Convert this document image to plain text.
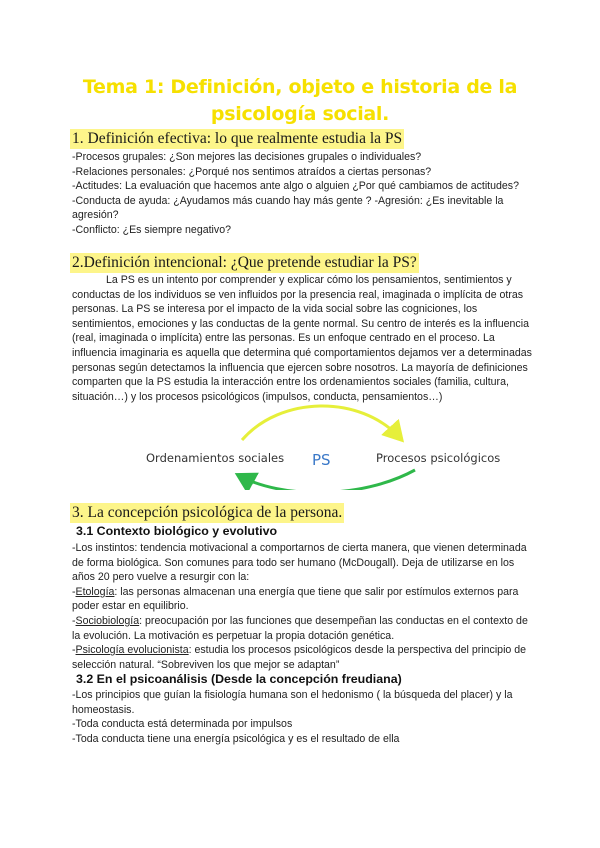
Tema 1: Definición, objeto e historia de la
psicología social.
1. Definición efectiva: lo que realmente estudia la PS

-Procesos grupales: ¿Son mejores las decisiones grupales o individuales?

-Relaciones personales: ¿Porqué nos sentimos atraídos a ciertas personas?

-Actitudes: La evaluación que hacemos ante algo o alguien ¿Por qué cambiamos de actitudes?

-Conducta de ayuda: ¿Ayudamos más cuando hay más gente ? -Agresión: ¿Es inevitable la agresión?

-Conflicto: ¿Es siempre negativo?

2.Definición intencional: ¿Que pretende estudiar la PS?

La PS es un intento por comprender y explicar cómo los pensamientos, sentimientos y conductas de los individuos se ven influidos por la presencia real, imaginada o implícita de otras personas. La PS se interesa por el impacto de la vida social sobre las cogniciones, los sentimientos, emociones y las conductas de la gente normal. Su centro de interés es la influencia (real, imaginada o implícita) entre las personas. Es un enfoque centrado en el proceso. La influencia imaginaria es aquella que determina qué comportamientos dejamos ver a determinadas personas según detectamos la influencia que ejercen sobre nosotros. La mayoría de definiciones comparten que la PS estudia la interacción entre los ordenamientos sociales (familia, cultura, situación…) y los procesos psicológicos (impulsos, conducta, pensamientos…)

Ordenamientos sociales PS	Procesos psicológicos
3. La concepción psicológica de la persona.
3.1 Contexto biológico y evolutivo

-Los instintos: tendencia motivacional a comportarnos de cierta manera, que vienen determinada de forma biológica. Son comunes para todo ser humano (McDougall). Deja de utilizarse en los años 20 pero vuelve a resurgir con la:

-Etología: las personas almacenan una energía que tiene que salir por estímulos externos para poder estar en equilibrio.

-Sociobiología: preocupación por las funciones que desempeñan las conductas en el contexto de la evolución. La motivación es perpetuar la propia dotación genética.

-Psicología evolucionista: estudia los procesos psicológicos desde la perspectiva del principio de selección natural. “Sobreviven los que mejor se adaptan”

3.2 En el psicoanálisis (Desde la concepción freudiana)

-Los principios que guían la fisiología humana son el hedonismo ( la búsqueda del placer) y la homeostasis.

-Toda conducta está determinada por impulsos

-Toda conducta tiene una energía psicológica y es el resultado de ella
